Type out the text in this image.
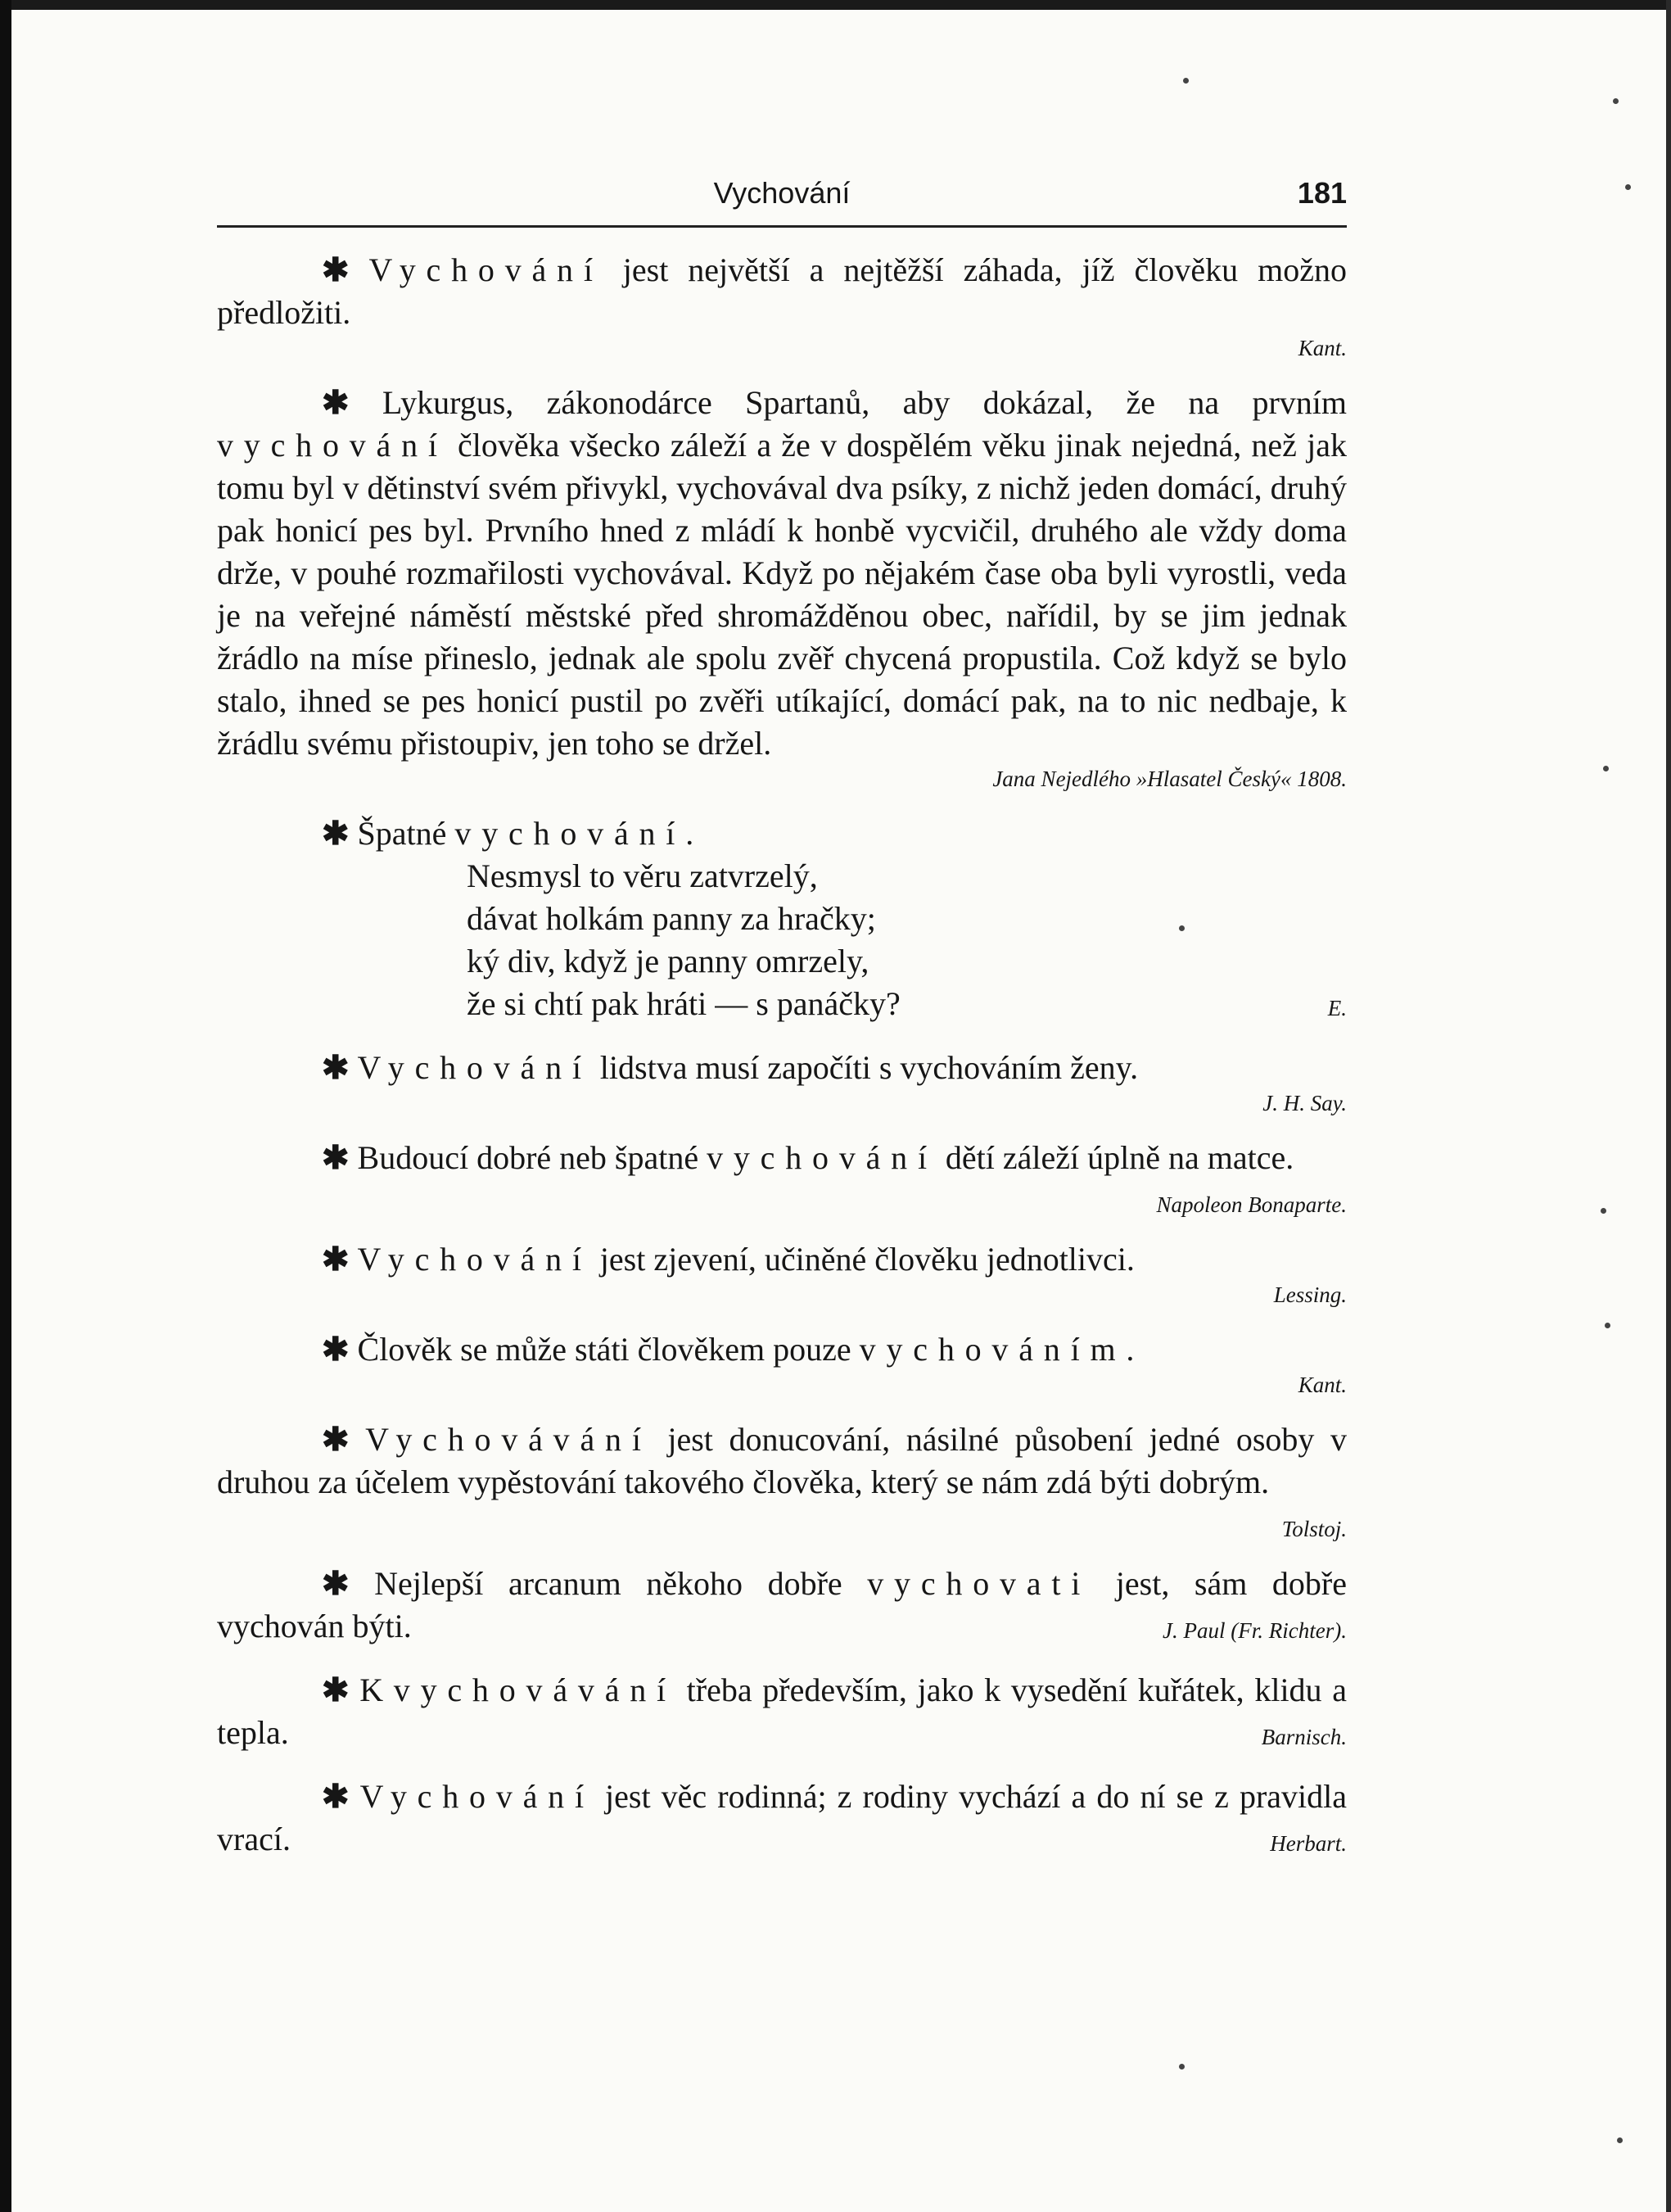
Vychování	181

✱ Vychování jest největší a nejtěžší záhada, jíž člověku možno předložiti.

Kant.

✱ Lykurgus, zákonodárce Spartanů, aby dokázal, že na prvním vychování člověka všecko záleží a že v dospělém věku jinak nejedná, než jak tomu byl v dětinství svém přivykl, vychovával dva psíky, z nichž jeden domácí, druhý pak honicí pes byl. Prvního hned z mládí k honbě vycvičil, druhého ale vždy doma drže, v pouhé rozmařilosti vychovával. Když po nějakém čase oba byli vyrostli, veda je na veřejné náměstí městské před shromážděnou obec, nařídil, by se jim jednak žrádlo na míse přineslo, jednak ale spolu zvěř chycená propustila. Což když se bylo stalo, ihned se pes honicí pustil po zvěři utíkající, domácí pak, na to nic nedbaje, k žrádlu svému přistoupiv, jen toho se držel.

Jana Nejedlého »Hlasatel Český« 1808.

✱ Špatné vychování.

Nesmysl to věru zatvrzelý,
dávat holkám panny za hračky;
ký div, když je panny omrzely,
že si chtí pak hráti — s panáčky?	E.

✱ Vychování lidstva musí započíti s vychováním ženy.

J. H. Say.

✱ Budoucí dobré neb špatné vychování dětí záleží úplně na matce.
Napoleon Bonaparte.

✱ Vychování jest zjevení, učiněné člověku jednotlivci.

Lessing.

✱ Člověk se může státi člověkem pouze vychováním.

Kant.

✱ Vychovávání jest donucování, násilné působení jedné osoby v druhou za účelem vypěstování takového člověka, který se nám zdá býti dobrým.
Tolstoj.

✱ Nejlepší arcanum někoho dobře vychovati jest, sám dobře vychován býti.	J. Paul (Fr. Richter).

✱ K vychovávání třeba především, jako k vysedění kuřátek, klidu a tepla.	Barnisch.

✱ Vychování jest věc rodinná; z rodiny vychází a do ní se z pravidla vrací.	Herbart.
